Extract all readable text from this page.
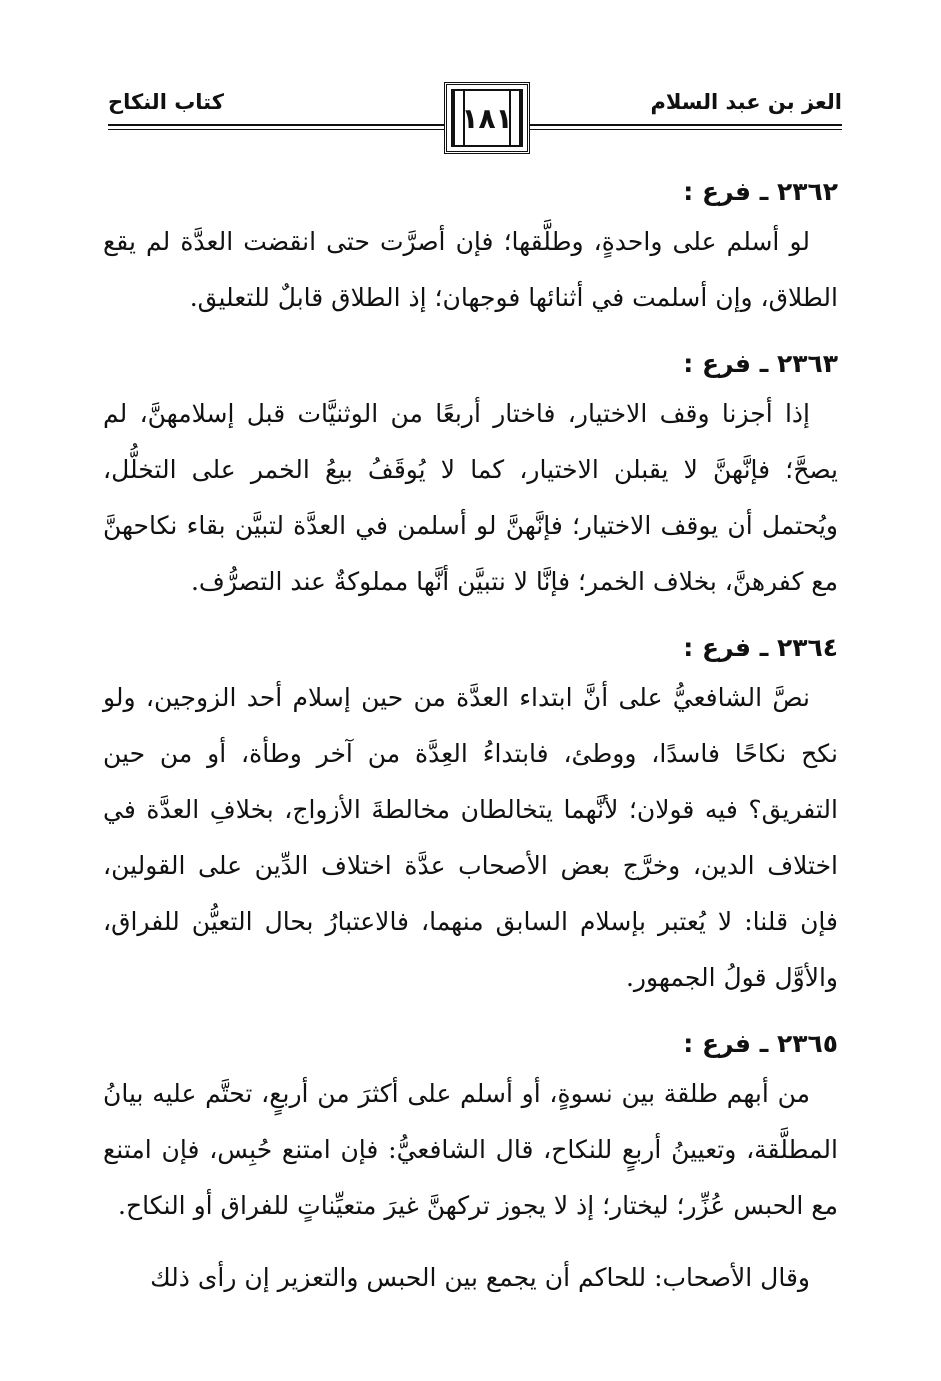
العز بن عبد السلام
كتاب النكاح	١٨١
٢٣٦٢ ـ فرع :

لو أسلم على واحدةٍ، وطلَّقها؛ فإن أصرَّت حتى انقضت العدَّة لم يقع الطلاق، وإن أسلمت في أثنائها فوجهان؛ إذ الطلاق قابلٌ للتعليق.

٢٣٦٣ ـ فرع :

إذا أجزنا وقف الاختيار، فاختار أربعًا من الوثنيَّات قبل إسلامهنَّ، لم يصحَّ؛ فإنَّهنَّ لا يقبلن الاختيار، كما لا يُوقَفُ بيعُ الخمر على التخلُّل، ويُحتمل أن يوقف الاختيار؛ فإنَّهنَّ لو أسلمن في العدَّة لتبيَّن بقاء نكاحهنَّ مع كفرهنَّ، بخلاف الخمر؛ فإنَّا لا نتبيَّن أنَّها مملوكةٌ عند التصرُّف.

٢٣٦٤ ـ فرع :

نصَّ الشافعيُّ على أنَّ ابتداء العدَّة من حين إسلام أحد الزوجين، ولو نكح نكاحًا فاسدًا، ووطئ، فابتداءُ العِدَّة من آخر وطأة، أو من حين التفريق؟ فيه قولان؛ لأنَّهما يتخالطان مخالطةَ الأزواج، بخلافِ العدَّة في اختلاف الدين، وخرَّج بعض الأصحاب عدَّة اختلاف الدِّين على القولين، فإن قلنا: لا يُعتبر بإسلام السابق منهما، فالاعتبارُ بحال التعيُّن للفراق، والأوَّل قولُ الجمهور.

٢٣٦٥ ـ فرع :

من أبهم طلقة بين نسوةٍ، أو أسلم على أكثرَ من أربعٍ، تحتَّم عليه بيانُ المطلَّقة، وتعيينُ أربعٍ للنكاح، قال الشافعيُّ: فإن امتنع حُبِس، فإن امتنع مع الحبس عُزِّر؛ ليختار؛ إذ لا يجوز تركهنَّ غيرَ متعيِّناتٍ للفراق أو النكاح.

وقال الأصحاب: للحاكم أن يجمع بين الحبس والتعزير إن رأى ذلك
